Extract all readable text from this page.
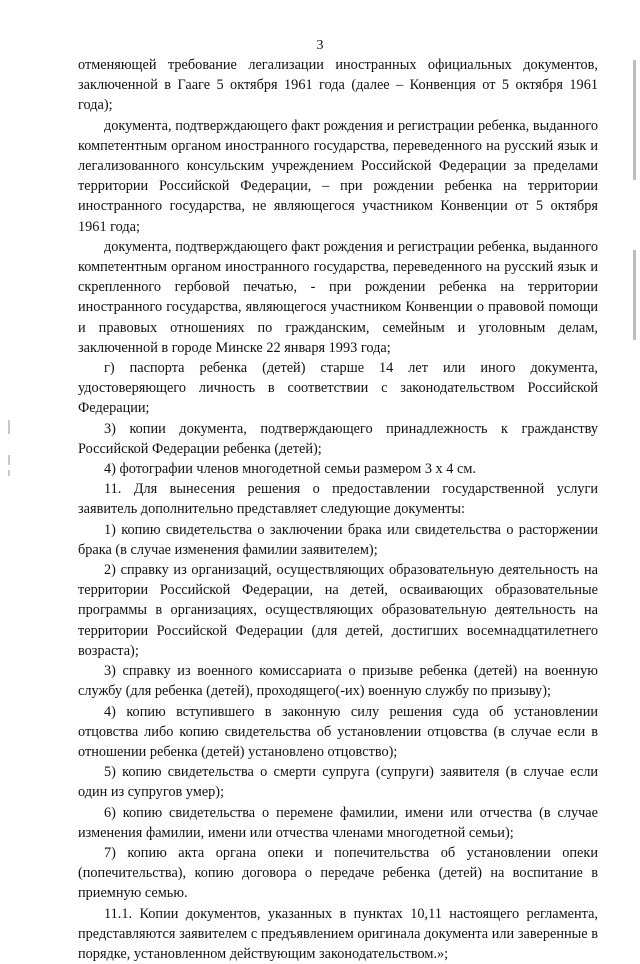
3

отменяющей требование легализации иностранных официальных документов, заключенной в Гааге 5 октября 1961 года (далее – Конвенция от 5 октября 1961 года);

документа, подтверждающего факт рождения и регистрации ребенка, выданного компетентным органом иностранного государства, переведенного на русский язык и легализованного консульским учреждением Российской Федерации за пределами территории Российской Федерации, – при рождении ребенка на территории иностранного государства, не являющегося участником Конвенции от 5 октября 1961 года;

документа, подтверждающего факт рождения и регистрации ребенка, выданного компетентным органом иностранного государства, переведенного на русский язык и скрепленного гербовой печатью, - при рождении ребенка на территории иностранного государства, являющегося участником Конвенции о правовой помощи и правовых отношениях по гражданским, семейным и уголовным делам, заключенной в городе Минске 22 января 1993 года;

г) паспорта ребенка (детей) старше 14 лет или иного документа, удостоверяющего личность в соответствии с законодательством Российской Федерации;

3) копии документа, подтверждающего принадлежность к гражданству Российской Федерации ребенка (детей);

4) фотографии членов многодетной семьи размером 3 х 4 см.

11. Для вынесения решения о предоставлении государственной услуги заявитель дополнительно представляет следующие документы:

1) копию свидетельства о заключении брака или свидетельства о расторжении брака (в случае изменения фамилии заявителем);

2) справку из организаций, осуществляющих образовательную деятельность на территории Российской Федерации, на детей, осваивающих образовательные программы в организациях, осуществляющих образовательную деятельность на территории Российской Федерации (для детей, достигших восемнадцатилетнего возраста);

3) справку из военного комиссариата о призыве ребенка (детей) на военную службу (для ребенка (детей), проходящего(-их) военную службу по призыву);

4) копию вступившего в законную силу решения суда об установлении отцовства либо копию свидетельства об установлении отцовства (в случае если в отношении ребенка (детей) установлено отцовство);

5) копию свидетельства о смерти супруга (супруги) заявителя (в случае если один из супругов умер);

6) копию свидетельства о перемене фамилии, имени или отчества (в случае изменения фамилии, имени или отчества членами многодетной семьи);

7) копию акта органа опеки и попечительства об установлении опеки (попечительства), копию договора о передаче ребенка (детей) на воспитание в приемную семью.

11.1. Копии документов, указанных в пунктах 10,11 настоящего регламента, представляются заявителем с предъявлением оригинала документа или заверенные в порядке, установленном действующим законодательством.»;
